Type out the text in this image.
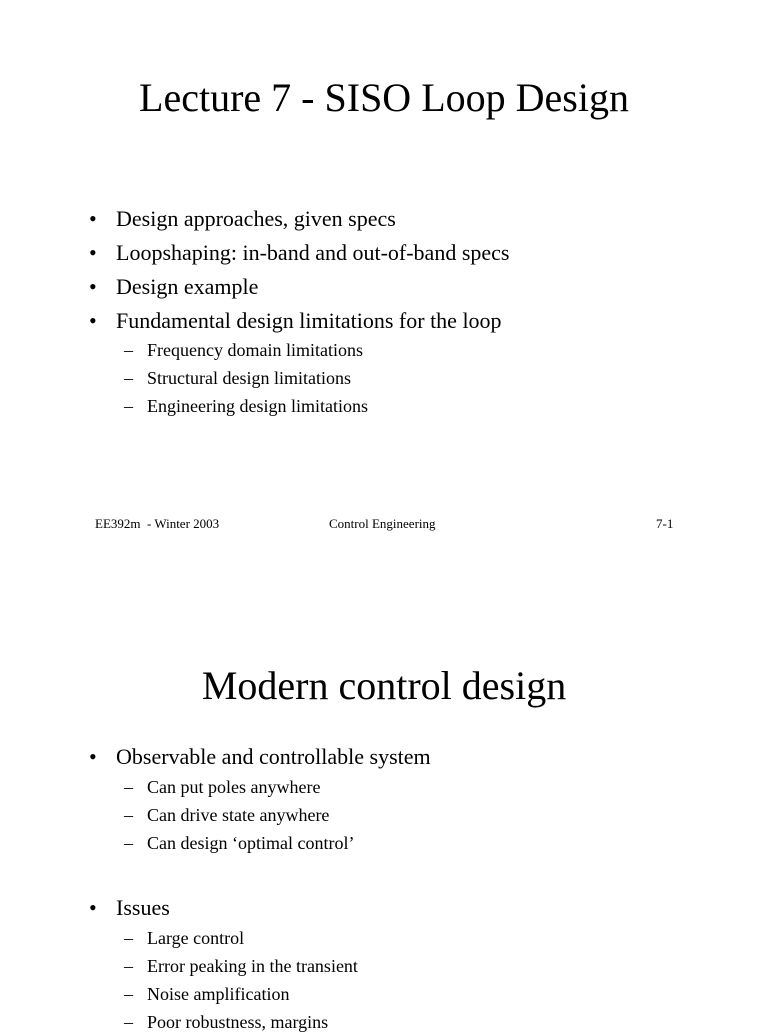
Lecture 7 - SISO Loop Design
• Design approaches, given specs
• Loopshaping: in-band and out-of-band specs
• Design example
• Fundamental design limitations for the loop
– Frequency domain limitations
– Structural design limitations
– Engineering design limitations
EE392m  - Winter 2003	Control Engineering	7-1
Modern control design
• Observable and controllable system
– Can put poles anywhere
– Can drive state anywhere
– Can design ‘optimal control’
• Issues
– Large control
– Error peaking in the transient
– Noise amplification
– Poor robustness, margins
